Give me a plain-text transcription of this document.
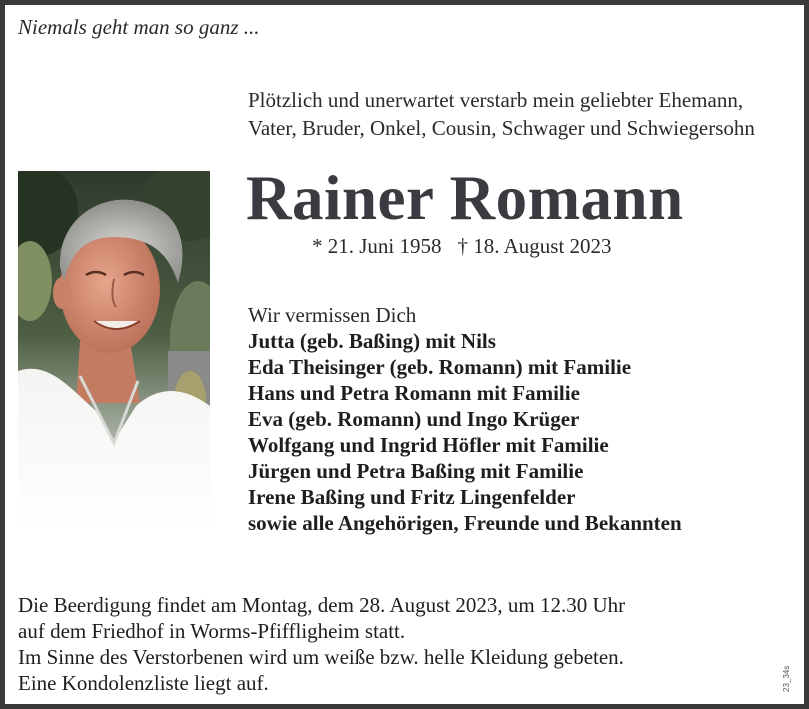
Niemals geht man so ganz ...
Plötzlich und unerwartet verstarb mein geliebter Ehemann,
Vater, Bruder, Onkel, Cousin, Schwager und Schwiegersohn
Rainer Romann
* 21. Juni 1958 † 18. August 2023
Wir vermissen Dich
Jutta (geb. Baßing) mit Nils
Eda Theisinger (geb. Romann) mit Familie
Hans und Petra Romann mit Familie
Eva (geb. Romann) und Ingo Krüger
Wolfgang und Ingrid Höfler mit Familie
Jürgen und Petra Baßing mit Familie
Irene Baßing und Fritz Lingenfelder
sowie alle Angehörigen, Freunde und Bekannten
Die Beerdigung findet am Montag, dem 28. August 2023, um 12.30 Uhr
auf dem Friedhof in Worms-Pfiffligheim statt.
Im Sinne des Verstorbenen wird um weiße bzw. helle Kleidung gebeten.
Eine Kondolenzliste liegt auf.	23_34s
